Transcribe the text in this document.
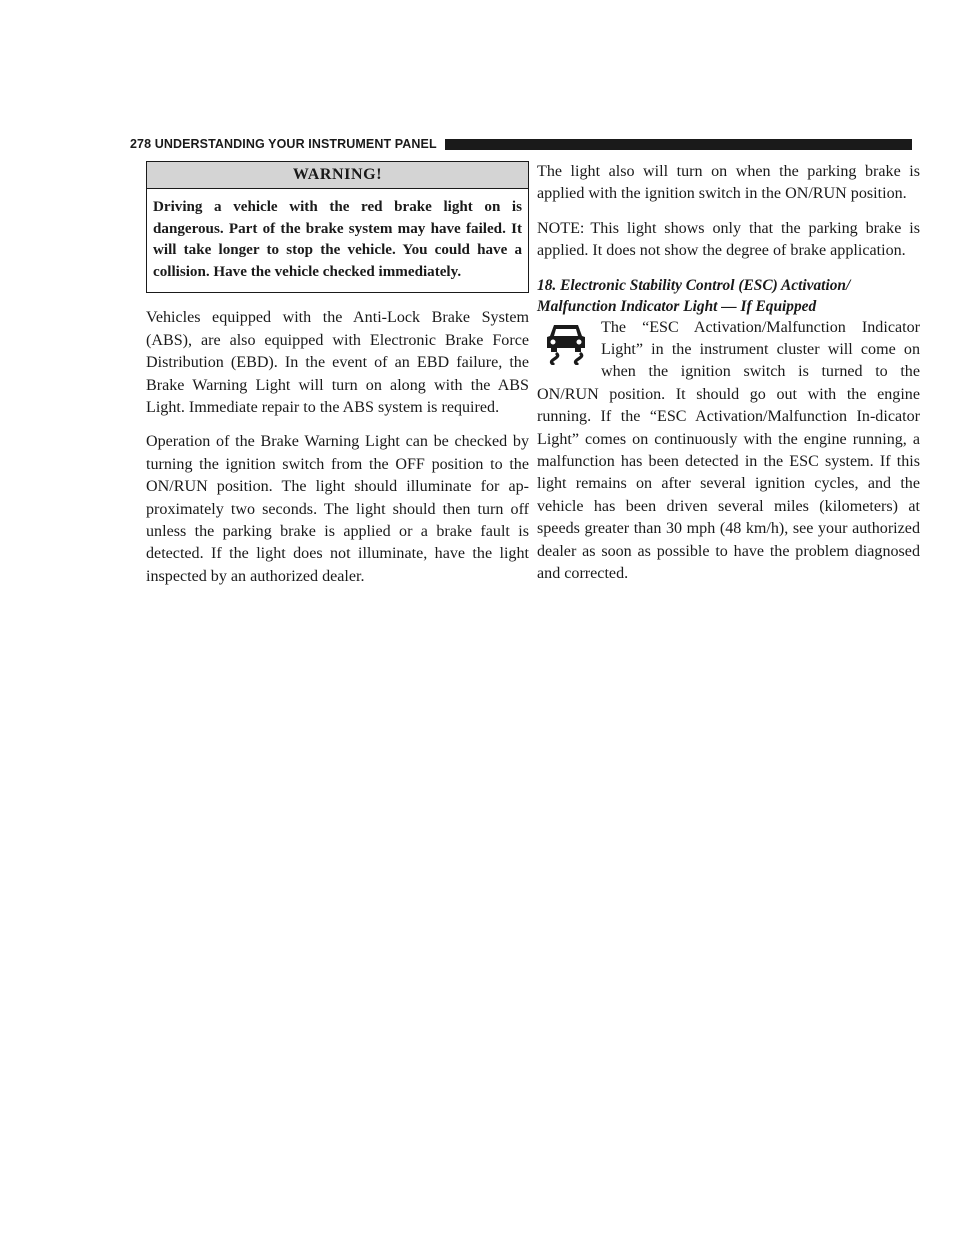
278 UNDERSTANDING YOUR INSTRUMENT PANEL
WARNING!
Driving a vehicle with the red brake light on is dangerous. Part of the brake system may have failed. It will take longer to stop the vehicle. You could have a collision. Have the vehicle checked immediately.

Vehicles equipped with the Anti-Lock Brake System (ABS), are also equipped with Electronic Brake Force Distribution (EBD). In the event of an EBD failure, the Brake Warning Light will turn on along with the ABS Light. Immediate repair to the ABS system is required.

Operation of the Brake Warning Light can be checked by turning the ignition switch from the OFF position to the ON/RUN position. The light should illuminate for ap-proximately two seconds. The light should then turn off unless the parking brake is applied or a brake fault is detected. If the light does not illuminate, have the light inspected by an authorized dealer.

The light also will turn on when the parking brake is applied with the ignition switch in the ON/RUN position.

NOTE: This light shows only that the parking brake is applied. It does not show the degree of brake application.

18. Electronic Stability Control (ESC) Activation/
Malfunction Indicator Light — If Equipped

The “ESC Activation/Malfunction Indicator Light” in the instrument cluster will come on when the ignition switch is turned to the ON/RUN position. It should go out with the engine running. If the “ESC Activation/Malfunction In-dicator Light” comes on continuously with the engine running, a malfunction has been detected in the ESC system. If this light remains on after several ignition cycles, and the vehicle has been driven several miles (kilometers) at speeds greater than 30 mph (48 km/h), see your authorized dealer as soon as possible to have the problem diagnosed and corrected.
